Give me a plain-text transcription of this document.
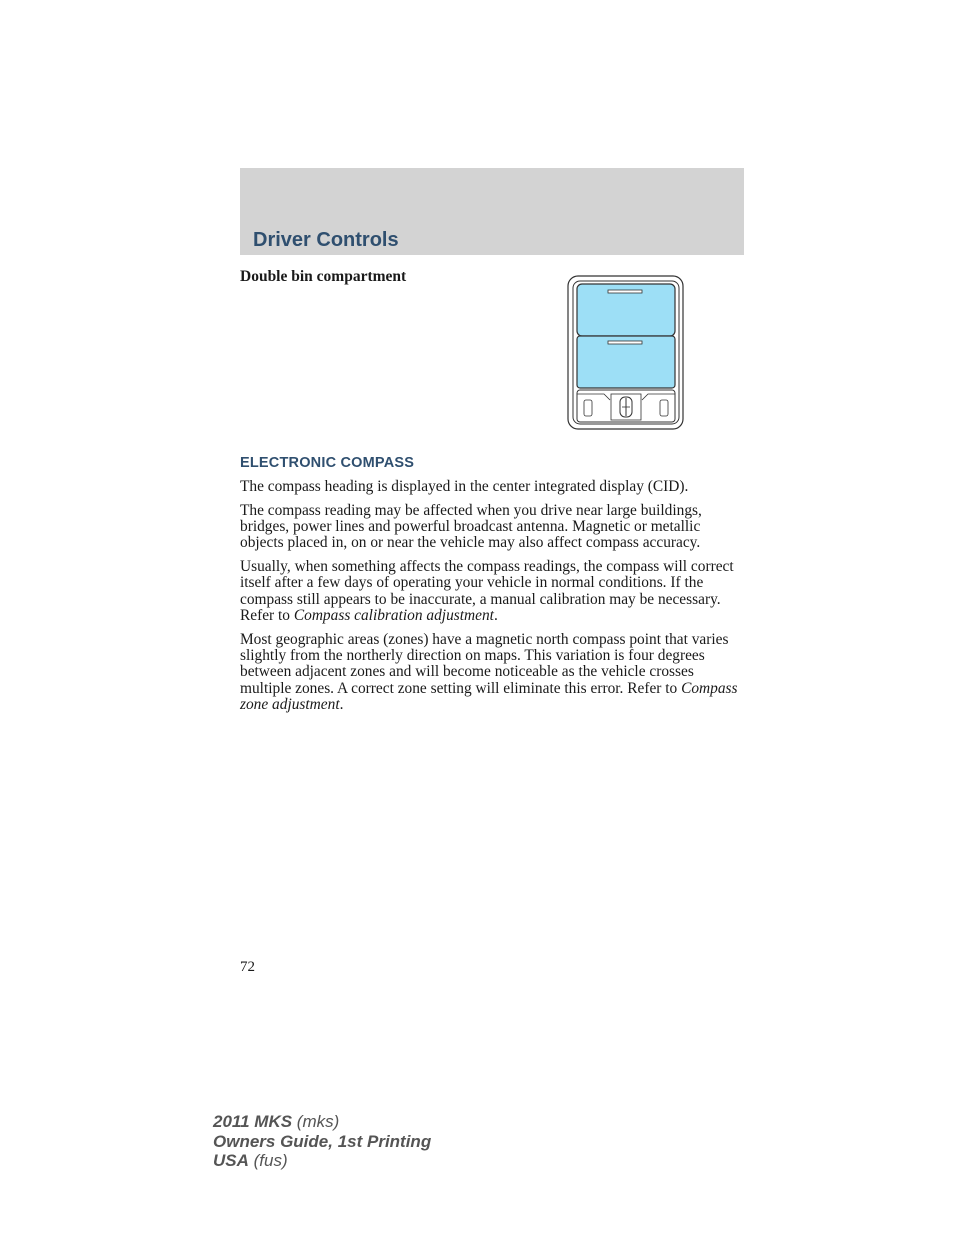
Driver Controls
Double bin compartment
ELECTRONIC COMPASS

The compass heading is displayed in the center integrated display (CID).

The compass reading may be affected when you drive near large buildings, bridges, power lines and powerful broadcast antenna. Magnetic or metallic objects placed in, on or near the vehicle may also affect compass accuracy.

Usually, when something affects the compass readings, the compass will correct itself after a few days of operating your vehicle in normal conditions. If the compass still appears to be inaccurate, a manual calibration may be necessary. Refer to Compass calibration adjustment.

Most geographic areas (zones) have a magnetic north compass point that varies slightly from the northerly direction on maps. This variation is four degrees between adjacent zones and will become noticeable as the vehicle crosses multiple zones. A correct zone setting will eliminate this error. Refer to Compass zone adjustment.

72
2011 MKS (mks)
Owners Guide, 1st Printing
USA (fus)
